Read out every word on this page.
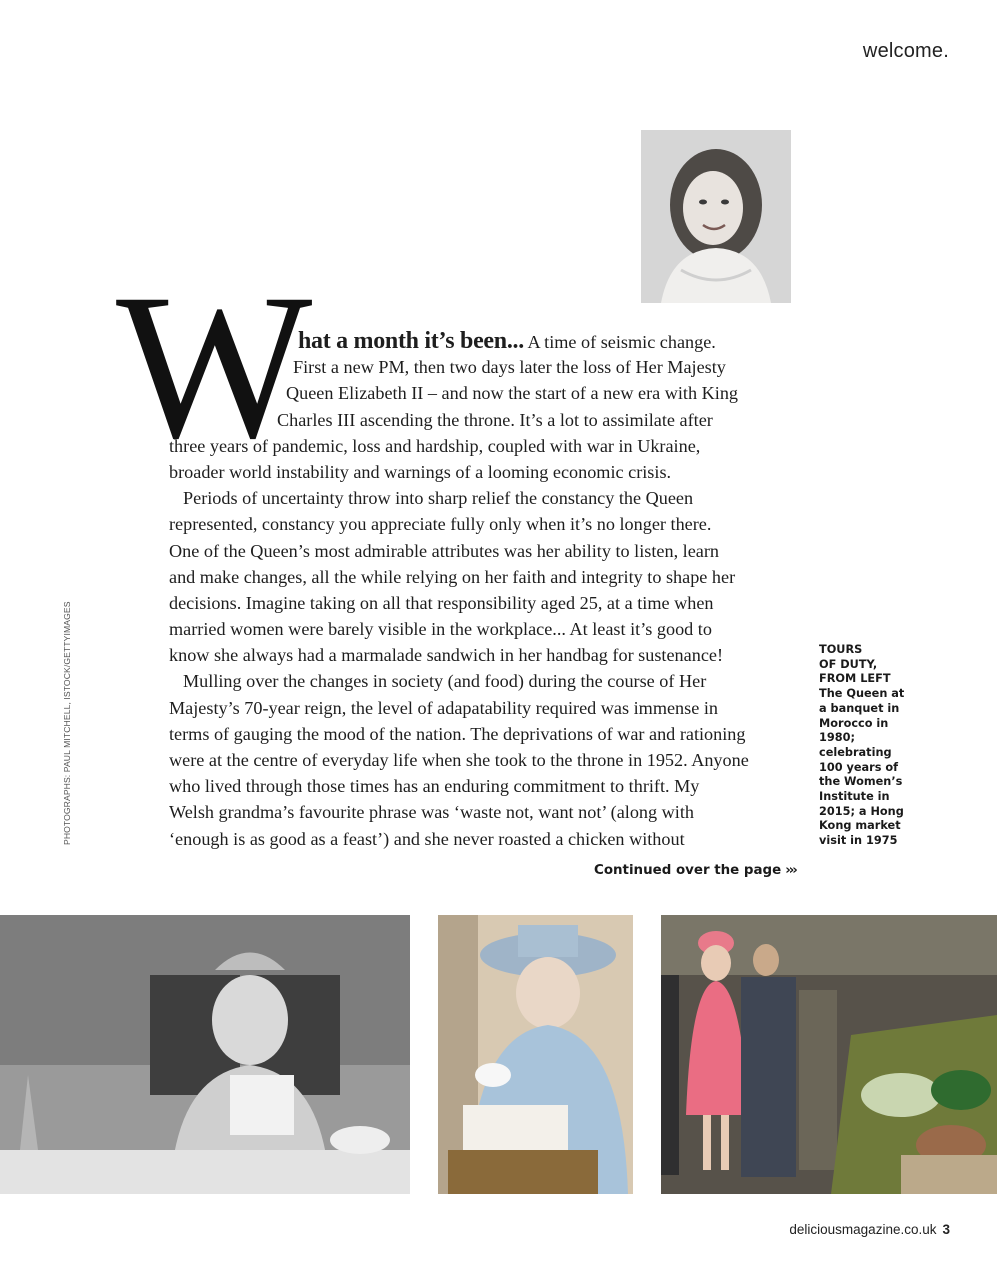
welcome.
W
hat a month it’s been... A time of seismic change.
First a new PM, then two days later the loss of Her Majesty
Queen Elizabeth II – and now the start of a new era with King
Charles III ascending the throne. It’s a lot to assimilate after
three years of pandemic, loss and hardship, coupled with war in Ukraine,
broader world instability and warnings of a looming economic crisis.
Periods of uncertainty throw into sharp relief the constancy the Queen
represented, constancy you appreciate fully only when it’s no longer there.
One of the Queen’s most admirable attributes was her ability to listen, learn
and make changes, all the while relying on her faith and integrity to shape her
decisions. Imagine taking on all that responsibility aged 25, at a time when
married women were barely visible in the workplace... At least it’s good to
know she always had a marmalade sandwich in her handbag for sustenance!
Mulling over the changes in society (and food) during the course of Her
Majesty’s 70-year reign, the level of adapatability required was immense in
terms of gauging the mood of the nation. The deprivations of war and rationing
were at the centre of everyday life when she took to the throne in 1952. Anyone
who lived through those times has an enduring commitment to thrift. My
Welsh grandma’s favourite phrase was ‘waste not, want not’ (along with
‘enough is as good as a feast’) and she never roasted a chicken without
PHOTOGRAPHS: PAUL MITCHELL, ISTOCK/GETTYIMAGES	TOURS
OF DUTY,
FROM LEFT
The Queen at
a banquet in
Morocco in
1980;
celebrating
100 years of
the Women’s
Institute in
2015; a Hong
Kong market
visit in 1975
Continued over the page ›››
deliciousmagazine.co.uk 3
